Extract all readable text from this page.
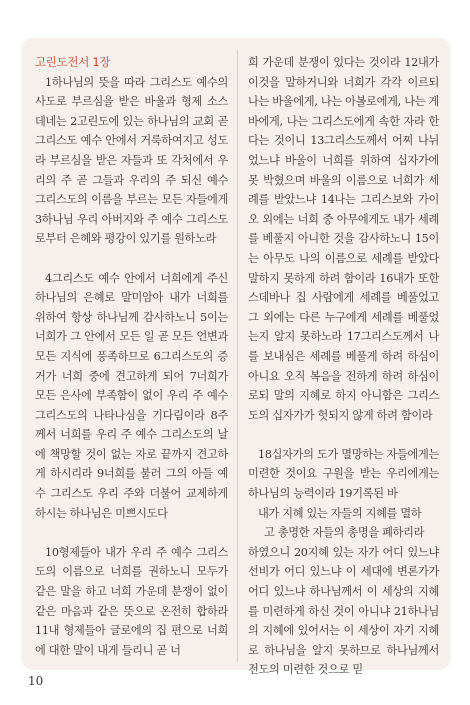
고린도전서 1장

1하나님의 뜻을 따라 그리스도 예수의 사도로 부르심을 받은 바울과 형제 소스데네는 2고린도에 있는 하나님의 교회 곧 그리스도 예수 안에서 거룩하여지고 성도라 부르심을 받은 자들과 또 각처에서 우리의 주 곧 그들과 우리의 주 되신 예수 그리스도의 이름을 부르는 모든 자들에게 3하나님 우리 아버지와 주 예수 그리스도로부터 은혜와 평강이 있기를 원하노라

4그리스도 예수 안에서 너희에게 주신 하나님의 은혜로 말미암아 내가 너희를 위하여 항상 하나님께 감사하노니 5이는 너희가 그 안에서 모든 일 곧 모든 언변과 모든 지식에 풍족하므로 6그리스도의 증거가 너희 중에 견고하게 되어 7너희가 모든 은사에 부족함이 없이 우리 주 예수 그리스도의 나타나심을 기다림이라 8주께서 너희를 우리 주 예수 그리스도의 날에 책망할 것이 없는 자로 끝까지 견고하게 하시리라 9너희를 불러 그의 아들 예수 그리스도 우리 주와 더불어 교제하게 하시는 하나님은 미쁘시도다

10형제들아 내가 우리 주 예수 그리스도의 이름으로 너희를 권하노니 모두가 같은 말을 하고 너희 가운데 분쟁이 없이 같은 마음과 같은 뜻으로 온전히 합하라 11내 형제들아 글로에의 집 편으로 너희에 대한 말이 내게 들리니 곧 너

희 가운데 분쟁이 있다는 것이라 12내가 이것을 말하거니와 너희가 각각 이르되 나는 바울에게, 나는 아볼로에게, 나는 게바에게, 나는 그리스도에게 속한 자라 한다는 것이니 13그리스도께서 어찌 나뉘었느냐 바울이 너희를 위하여 십자가에 못 박혔으며 바울의 이름으로 너희가 세례를 받았느냐 14나는 그리스보와 가이오 외에는 너희 중 아무에게도 내가 세례를 베풀지 아니한 것을 감사하노니 15이는 아무도 나의 이름으로 세례를 받았다 말하지 못하게 하려 함이라 16내가 또한 스데바나 집 사람에게 세례를 베풀었고 그 외에는 다른 누구에게 세례를 베풀었는지 알지 못하노라 17그리스도께서 나를 보내심은 세례를 베풀게 하려 하심이 아니요 오직 복음을 전하게 하려 하심이로되 말의 지혜로 하지 아니함은 그리스도의 십자가가 헛되지 않게 하려 함이라

18십자가의 도가 멸망하는 자들에게는 미련한 것이요 구원을 받는 우리에게는 하나님의 능력이라 19기록된 바

내가 지혜 있는 자들의 지혜를 멸하
고 총명한 자들의 총명을 폐하리라

하였으니 20지혜 있는 자가 어디 있느냐 선비가 어디 있느냐 이 세대에 변론가가 어디 있느냐 하나님께서 이 세상의 지혜를 미련하게 하신 것이 아니냐 21하나님의 지혜에 있어서는 이 세상이 자기 지혜로 하나님을 알지 못하므로 하나님께서 전도의 미련한 것으로 믿

10
